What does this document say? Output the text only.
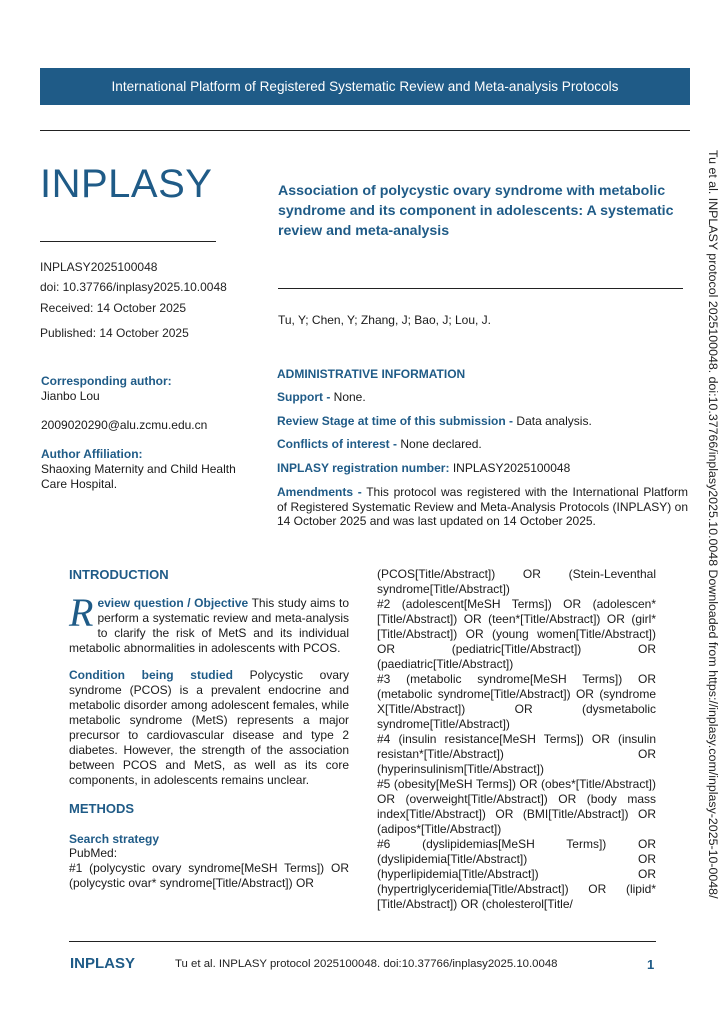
International Platform of Registered Systematic Review and Meta-analysis Protocols
INPLASY
INPLASY2025100048
doi: 10.37766/inplasy2025.10.0048
Received: 14 October 2025
Published: 14 October 2025
Association of polycystic ovary syndrome with metabolic syndrome and its component in adolescents: A systematic review and meta-analysis
Tu, Y; Chen, Y; Zhang, J; Bao, J; Lou, J.
Corresponding author:
Jianbo Lou
2009020290@alu.zcmu.edu.cn
Author Affiliation:
Shaoxing Maternity and Child Health Care Hospital.
ADMINISTRATIVE INFORMATION
Support - None.
Review Stage at time of this submission - Data analysis.
Conflicts of interest - None declared.
INPLASY registration number: INPLASY2025100048
Amendments - This protocol was registered with the International Platform of Registered Systematic Review and Meta-Analysis Protocols (INPLASY) on 14 October 2025 and was last updated on 14 October 2025.
INTRODUCTION
R eview question / Objective This study aims to perform a systematic review and meta-analysis to clarify the risk of MetS and its individual metabolic abnormalities in adolescents with PCOS.
Condition being studied Polycystic ovary syndrome (PCOS) is a prevalent endocrine and metabolic disorder among adolescent females, while metabolic syndrome (MetS) represents a major precursor to cardiovascular disease and type 2 diabetes. However, the strength of the association between PCOS and MetS, as well as its core components, in adolescents remains unclear.
METHODS
Search strategy
PubMed:
#1 (polycystic ovary syndrome[MeSH Terms]) OR (polycystic ovar* syndrome[Title/Abstract]) OR
(PCOS[Title/Abstract]) OR (Stein-Leventhal syndrome[Title/Abstract])
#2 (adolescent[MeSH Terms]) OR (adolescen*[Title/Abstract]) OR (teen*[Title/Abstract]) OR (girl*[Title/Abstract]) OR (young women[Title/Abstract]) OR (pediatric[Title/Abstract]) OR (paediatric[Title/Abstract])
#3 (metabolic syndrome[MeSH Terms]) OR (metabolic syndrome[Title/Abstract]) OR (syndrome X[Title/Abstract]) OR (dysmetabolic syndrome[Title/Abstract])
#4 (insulin resistance[MeSH Terms]) OR (insulin resistan*[Title/Abstract]) OR (hyperinsulinism[Title/Abstract])
#5 (obesity[MeSH Terms]) OR (obes*[Title/Abstract]) OR (overweight[Title/Abstract]) OR (body mass index[Title/Abstract]) OR (BMI[Title/Abstract]) OR (adipos*[Title/Abstract])
#6 (dyslipidemias[MeSH Terms]) OR (dyslipidemia[Title/Abstract]) OR (hyperlipidemia[Title/Abstract]) OR (hypertriglyceridemia[Title/Abstract]) OR (lipid*[Title/Abstract]) OR (cholesterol[Title/
Tu et al. INPLASY protocol 2025100048. doi:10.37766/inplasy2025.10.0048 Downloaded from https://inplasy.com/inplasy-2025-10-0048/
INPLASY	Tu et al. INPLASY protocol 2025100048. doi:10.37766/inplasy2025.10.0048	1
